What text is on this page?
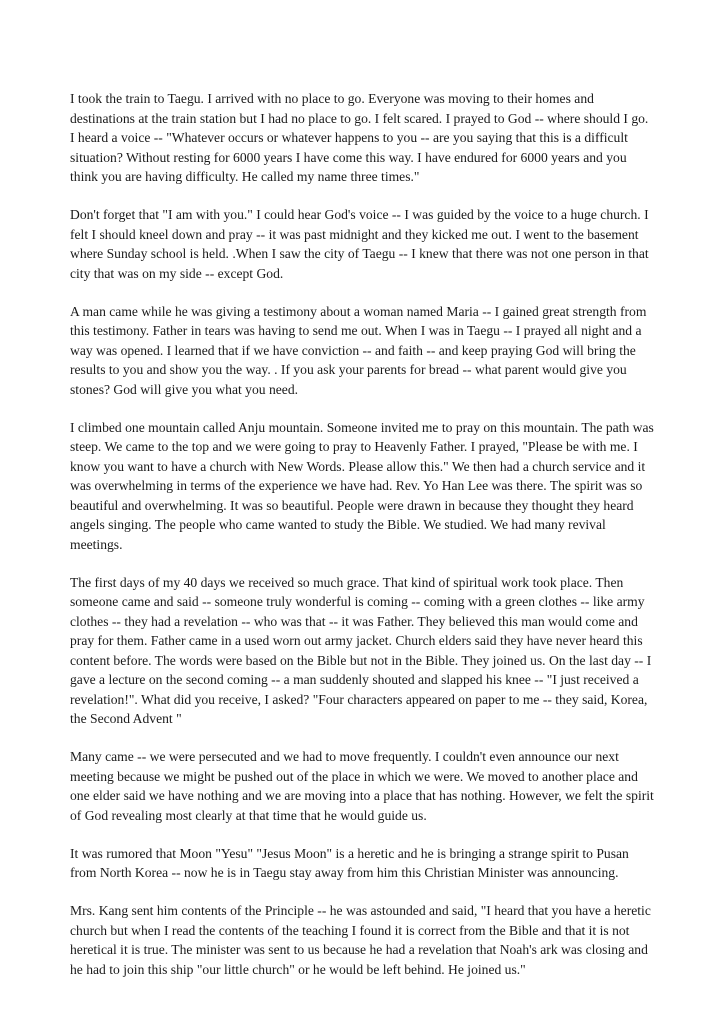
I took the train to Taegu. I arrived with no place to go. Everyone was moving to their homes and destinations at the train station but I had no place to go. I felt scared. I prayed to God -- where should I go. I heard a voice -- "Whatever occurs or whatever happens to you -- are you saying that this is a difficult situation? Without resting for 6000 years I have come this way. I have endured for 6000 years and you think you are having difficulty. He called my name three times."

Don't forget that "I am with you." I could hear God's voice -- I was guided by the voice to a huge church. I felt I should kneel down and pray -- it was past midnight and they kicked me out. I went to the basement where Sunday school is held. .When I saw the city of Taegu -- I knew that there was not one person in that city that was on my side -- except God.

A man came while he was giving a testimony about a woman named Maria -- I gained great strength from this testimony. Father in tears was having to send me out. When I was in Taegu -- I prayed all night and a way was opened. I learned that if we have conviction -- and faith -- and keep praying God will bring the results to you and show you the way. . If you ask your parents for bread -- what parent would give you stones? God will give you what you need.

I climbed one mountain called Anju mountain. Someone invited me to pray on this mountain. The path was steep. We came to the top and we were going to pray to Heavenly Father. I prayed, "Please be with me. I know you want to have a church with New Words. Please allow this." We then had a church service and it was overwhelming in terms of the experience we have had. Rev. Yo Han Lee was there. The spirit was so beautiful and overwhelming. It was so beautiful. People were drawn in because they thought they heard angels singing. The people who came wanted to study the Bible. We studied. We had many revival meetings.

The first days of my 40 days we received so much grace. That kind of spiritual work took place. Then someone came and said -- someone truly wonderful is coming -- coming with a green clothes -- like army clothes -- they had a revelation -- who was that -- it was Father. They believed this man would come and pray for them. Father came in a used worn out army jacket. Church elders said they have never heard this content before. The words were based on the Bible but not in the Bible. They joined us. On the last day -- I gave a lecture on the second coming -- a man suddenly shouted and slapped his knee -- "I just received a revelation!". What did you receive, I asked? "Four characters appeared on paper to me -- they said, Korea, the Second Advent "

Many came -- we were persecuted and we had to move frequently. I couldn't even announce our next meeting because we might be pushed out of the place in which we were. We moved to another place and one elder said we have nothing and we are moving into a place that has nothing. However, we felt the spirit of God revealing most clearly at that time that he would guide us.

It was rumored that Moon "Yesu" "Jesus Moon" is a heretic and he is bringing a strange spirit to Pusan from North Korea -- now he is in Taegu stay away from him this Christian Minister was announcing.

Mrs. Kang sent him contents of the Principle -- he was astounded and said, "I heard that you have a heretic church but when I read the contents of the teaching I found it is correct from the Bible and that it is not heretical it is true. The minister was sent to us because he had a revelation that Noah's ark was closing and he had to join this ship "our little church" or he would be left behind. He joined us."
